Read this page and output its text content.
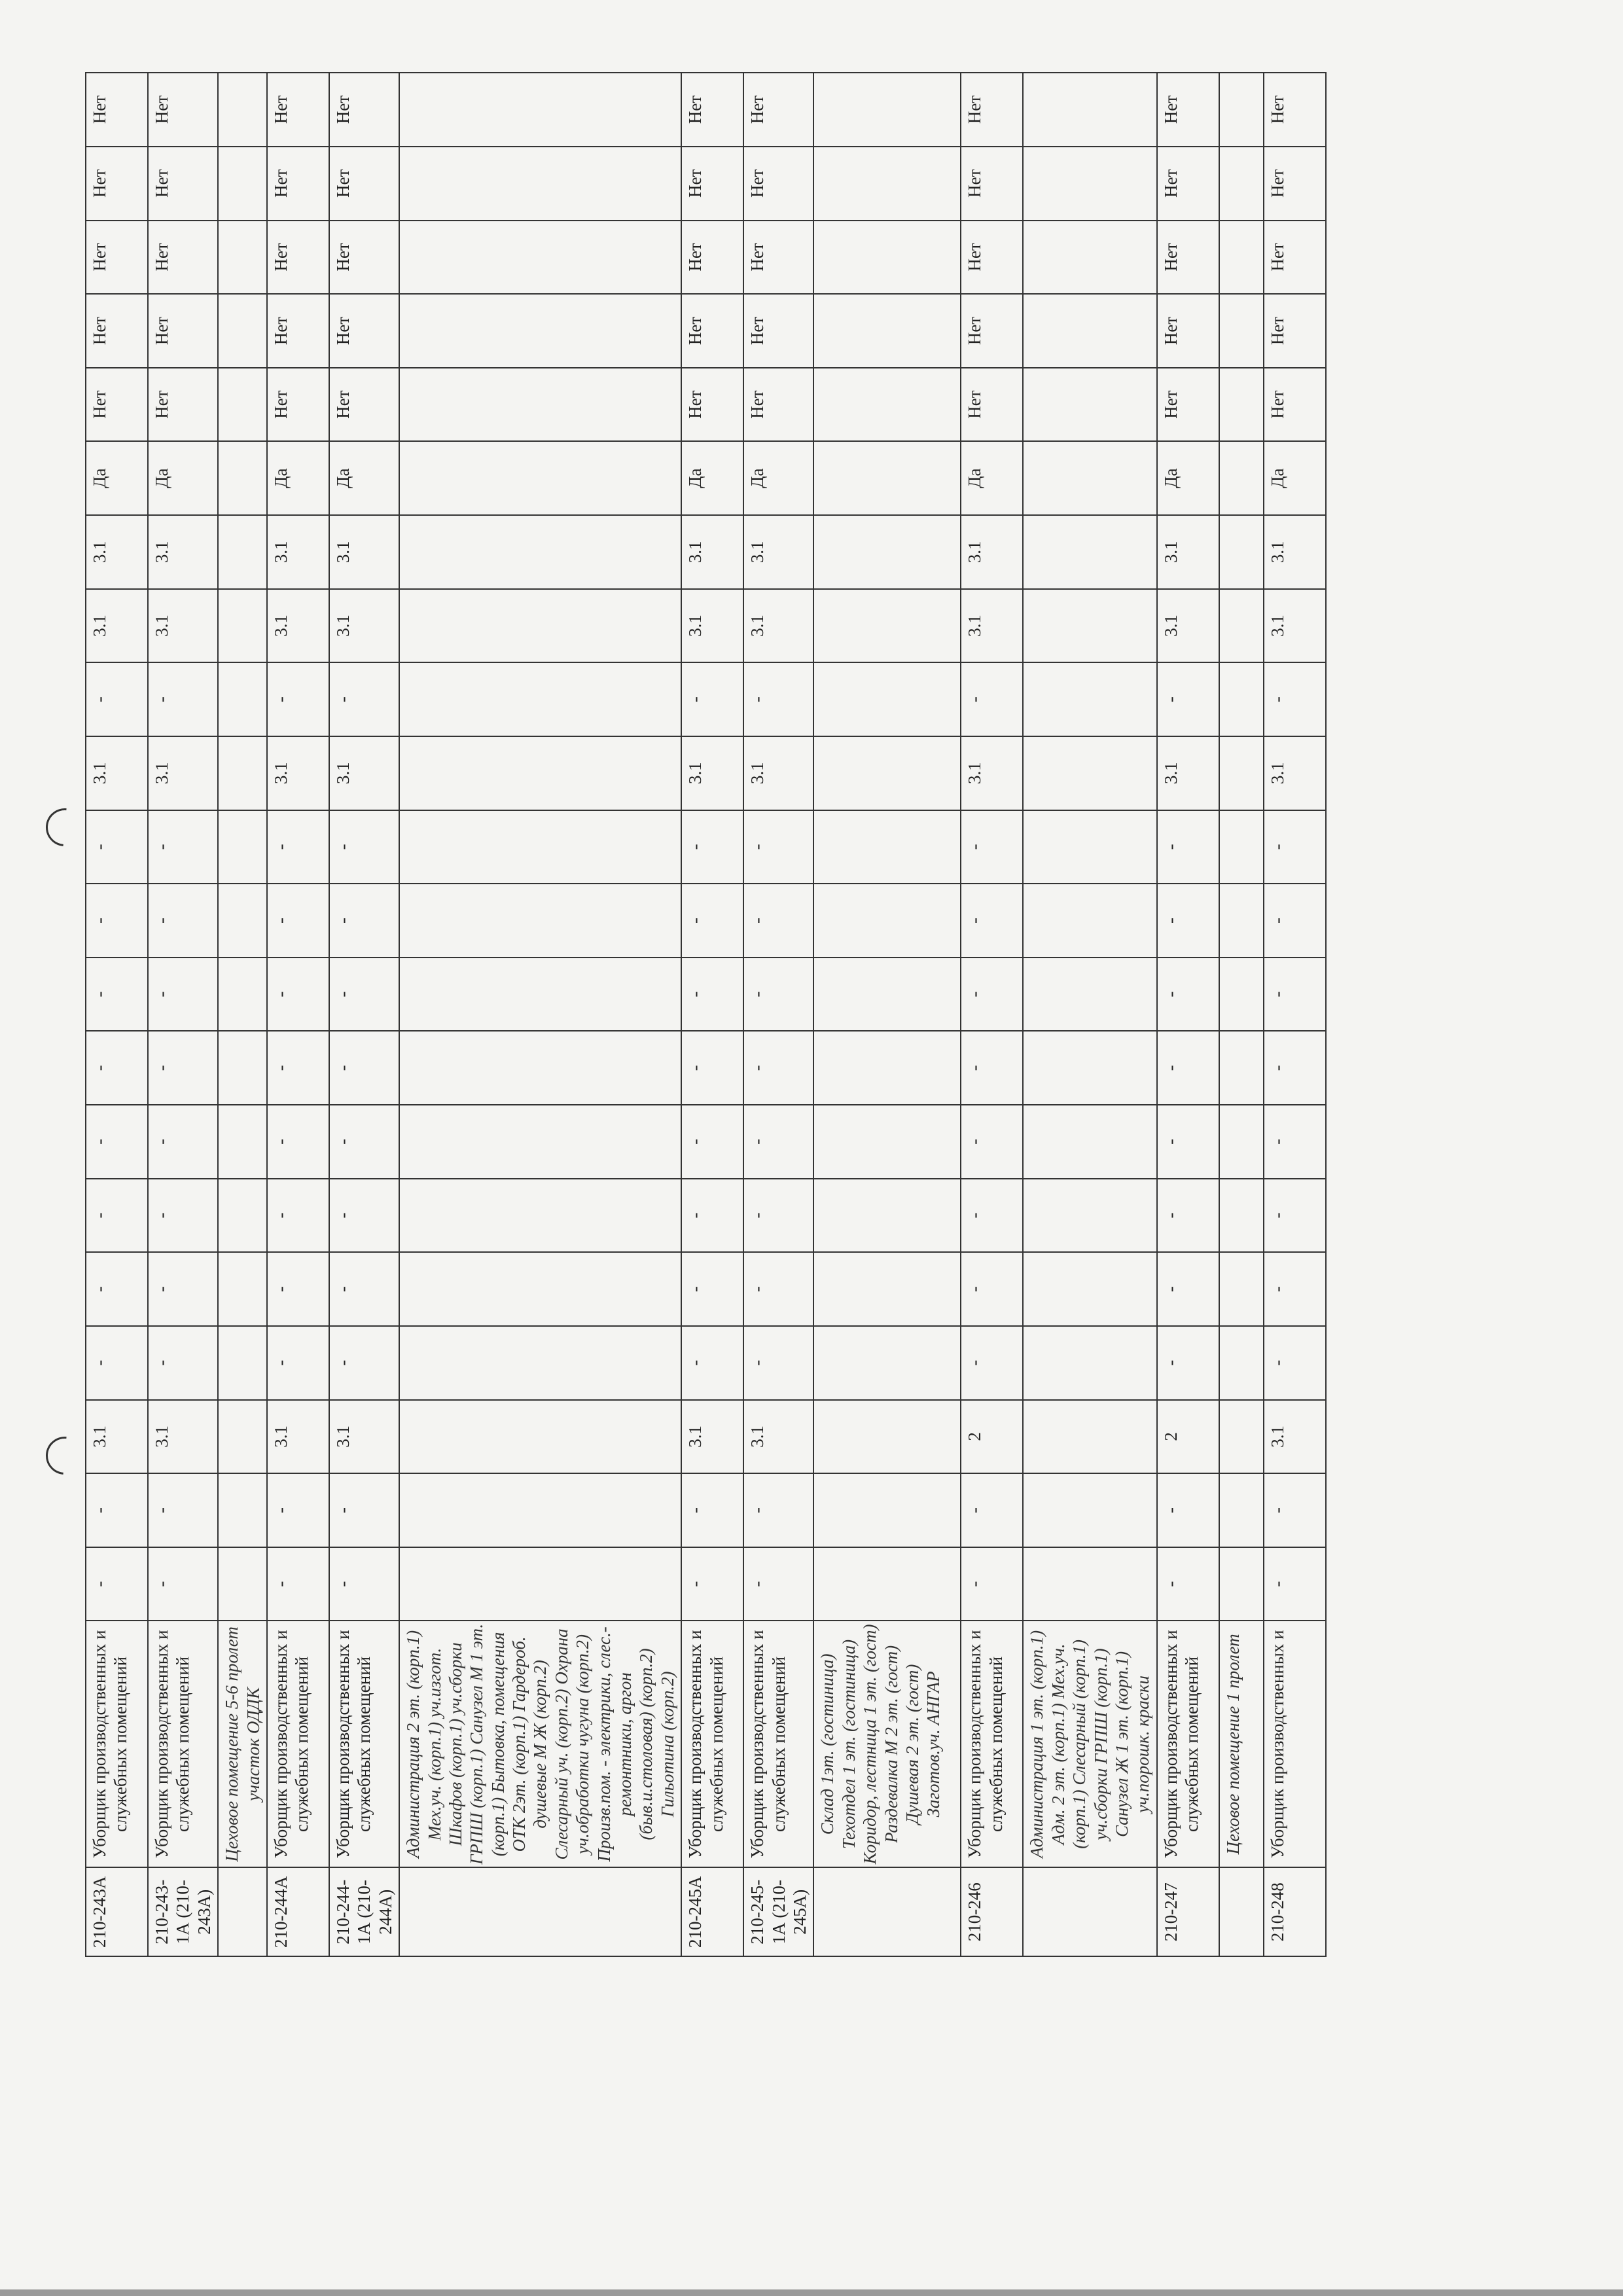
210-243А	Уборщик производственных и служебных помещений	-	-	3.1	-	-	-	-	-	-	-	-	3.1	-	3.1	3.1	Да	Нет	Нет	Нет	Нет	Нет
210-243-1А (210-243А)	Уборщик производственных и служебных помещений	-	-	3.1	-	-	-	-	-	-	-	-	3.1	-	3.1	3.1	Да	Нет	Нет	Нет	Нет	Нет
	Цеховое помещение 5-6 пролет участок ОДДК																					
210-244А	Уборщик производственных и служебных помещений	-	-	3.1	-	-	-	-	-	-	-	-	3.1	-	3.1	3.1	Да	Нет	Нет	Нет	Нет	Нет
210-244-1А (210-244А)	Уборщик производственных и служебных помещений	-	-	3.1	-	-	-	-	-	-	-	-	3.1	-	3.1	3.1	Да	Нет	Нет	Нет	Нет	Нет
	Администрация 2 эт. (корп.1) Мех.уч. (корп.1) уч.изгот. Шкафов (корп.1) уч.сборки ГРПШ (корп.1) Санузел М 1 эт. (корп.1) Бытовка, помещения ОТК 2эт. (корп.1) Гардероб. душевые М Ж (корп.2) Слесарный уч. (корп.2) Охрана уч.обработки чугуна (корп.2) Произв.пом. - электрики, слес.-ремонтники, аргон (быв.и.столовая) (корп.2) Гильотина (корп.2)																					
210-245А	Уборщик производственных и служебных помещений	-	-	3.1	-	-	-	-	-	-	-	-	3.1	-	3.1	3.1	Да	Нет	Нет	Нет	Нет	Нет
210-245-1А (210-245А)	Уборщик производственных и служебных помещений	-	-	3.1	-	-	-	-	-	-	-	-	3.1	-	3.1	3.1	Да	Нет	Нет	Нет	Нет	Нет
	Склад 1эт. (гостиница) Техотдел 1 эт. (гостиница) Коридор, лестница 1 эт. (гост) Раздевалка М 2 эт. (гост) Душевая 2 эт. (гост) Заготов.уч. АНГАР																					
210-246	Уборщик производственных и служебных помещений	-	-	2	-	-	-	-	-	-	-	-	3.1	-	3.1	3.1	Да	Нет	Нет	Нет	Нет	Нет
	Администрация 1 эт. (корп.1) Адм. 2 эт. (корп.1) Мех.уч. (корп.1) Слесарный (корп.1) уч.сборки ГРПШ (корп.1) Санузел Ж 1 эт. (корп.1) уч.порошк. краски																					
210-247	Уборщик производственных и служебных помещений	-	-	2	-	-	-	-	-	-	-	-	3.1	-	3.1	3.1	Да	Нет	Нет	Нет	Нет	Нет
	Цеховое помещение 1 пролет																					
210-248	Уборщик производственных и	-	-	3.1	-	-	-	-	-	-	-	-	3.1	-	3.1	3.1	Да	Нет	Нет	Нет	Нет	Нет
